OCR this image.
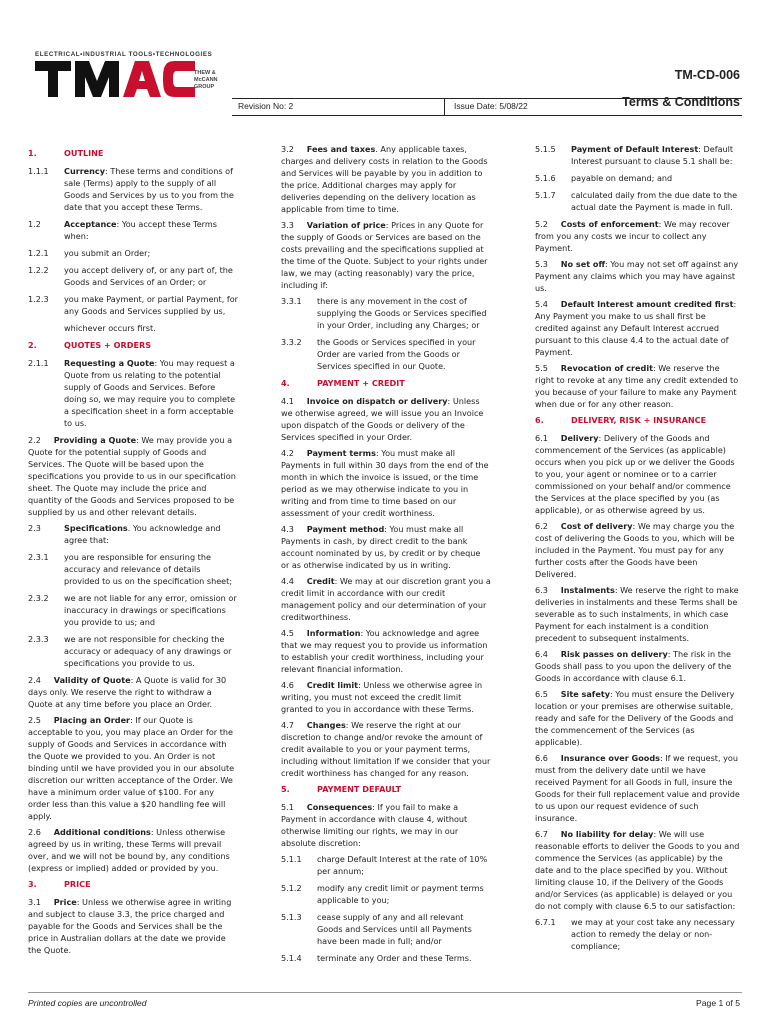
ELECTRICAL•INDUSTRIAL TOOLS•TECHNOLOGIES
THEW &
McCANN
GROUP
TM-CD-006
Terms & Conditions
Revision No: 2	Issue Date: 5/08/22
1.	OUTLINE
1.1.1 Currency: These terms and conditions of sale (Terms) apply to the supply of all Goods and Services by us to you from the date that you accept these Terms.
1.2	Acceptance: You accept these Terms when:
1.2.1 you submit an Order;
1.2.2 you accept delivery of, or any part of, the Goods and Services of an Order; or
1.2.3 you make Payment, or partial Payment, for any Goods and Services supplied by us,
whichever occurs first.
2.	QUOTES + ORDERS
2.1.1 Requesting a Quote: You may request a Quote from us relating to the potential supply of Goods and Services. Before doing so, we may require you to complete a specification sheet in a form acceptable to us.
2.2 Providing a Quote: We may provide you a Quote for the potential supply of Goods and Services. The Quote will be based upon the specifications you provide to us in our specification sheet. The Quote may include the price and quantity of the Goods and Services proposed to be supplied by us and other relevant details.
2.3	Specifications. You acknowledge and agree that:
2.3.1 you are responsible for ensuring the accuracy and relevance of details provided to us on the specification sheet;
2.3.2 we are not liable for any error, omission or inaccuracy in drawings or specifications you provide to us; and
2.3.3 we are not responsible for checking the accuracy or adequacy of any drawings or specifications you provide to us.
2.4 Validity of Quote: A Quote is valid for 30 days only. We reserve the right to withdraw a Quote at any time before you place an Order.
2.5 Placing an Order: If our Quote is acceptable to you, you may place an Order for the supply of Goods and Services in accordance with the Quote we provided to you. An Order is not binding until we have provided you in our absolute discretion our written acceptance of the Order. We have a minimum order value of $100. For any order less than this value a $20 handling fee will apply.
2.6 Additional conditions: Unless otherwise agreed by us in writing, these Terms will prevail over, and we will not be bound by, any conditions (express or implied) added or provided by you.
3.	PRICE
3.1 Price: Unless we otherwise agree in writing and subject to clause 3.3, the price charged and payable for the Goods and Services shall be the price in Australian dollars at the date we provide the Quote.
3.2 Fees and taxes. Any applicable taxes, charges and delivery costs in relation to the Goods and Services will be payable by you in addition to the price. Additional charges may apply for deliveries depending on the delivery location as applicable from time to time.
3.3 Variation of price: Prices in any Quote for the supply of Goods or Services are based on the costs prevailing and the specifications supplied at the time of the Quote. Subject to your rights under law, we may (acting reasonably) vary the price, including if:
3.3.1 there is any movement in the cost of supplying the Goods or Services specified in your Order, including any Charges; or
3.3.2 the Goods or Services specified in your Order are varied from the Goods or Services specified in our Quote.
4.	PAYMENT + CREDIT
4.1 Invoice on dispatch or delivery: Unless we otherwise agreed, we will issue you an Invoice upon dispatch of the Goods or delivery of the Services specified in your Order.
4.2 Payment terms: You must make all Payments in full within 30 days from the end of the month in which the invoice is issued, or the time period as we may otherwise indicate to you in writing and from time to time based on our assessment of your credit worthiness.
4.3 Payment method: You must make all Payments in cash, by direct credit to the bank account nominated by us, by credit or by cheque or as otherwise indicated by us in writing.
4.4 Credit: We may at our discretion grant you a credit limit in accordance with our credit management policy and our determination of your creditworthiness.
4.5 Information: You acknowledge and agree that we may request you to provide us information to establish your credit worthiness, including your relevant financial information.
4.6 Credit limit: Unless we otherwise agree in writing, you must not exceed the credit limit granted to you in accordance with these Terms.
4.7 Changes: We reserve the right at our discretion to change and/or revoke the amount of credit available to you or your payment terms, including without limitation if we consider that your credit worthiness has changed for any reason.
5.	PAYMENT DEFAULT
5.1 Consequences: If you fail to make a Payment in accordance with clause 4, without otherwise limiting our rights, we may in our absolute discretion:
5.1.1 charge Default Interest at the rate of 10% per annum;
5.1.2 modify any credit limit or payment terms applicable to you;
5.1.3 cease supply of any and all relevant Goods and Services until all Payments have been made in full; and/or
5.1.4 terminate any Order and these Terms.
5.1.5 Payment of Default Interest: Default Interest pursuant to clause 5.1 shall be:
5.1.6 payable on demand; and
5.1.7 calculated daily from the due date to the actual date the Payment is made in full.
5.2 Costs of enforcement: We may recover from you any costs we incur to collect any Payment.
5.3 No set off: You may not set off against any Payment any claims which you may have against us.
5.4 Default Interest amount credited first: Any Payment you make to us shall first be credited against any Default Interest accrued pursuant to this clause 4.4 to the actual date of Payment.
5.5 Revocation of credit: We reserve the right to revoke at any time any credit extended to you because of your failure to make any Payment when due or for any other reason.
6.	DELIVERY, RISK + INSURANCE
6.1 Delivery: Delivery of the Goods and commencement of the Services (as applicable) occurs when you pick up or we deliver the Goods to you, your agent or nominee or to a carrier commissioned on your behalf and/or commence the Services at the place specified by you (as applicable), or as otherwise agreed by us.
6.2 Cost of delivery: We may charge you the cost of delivering the Goods to you, which will be included in the Payment. You must pay for any further costs after the Goods have been Delivered.
6.3 Instalments: We reserve the right to make deliveries in instalments and these Terms shall be severable as to such instalments, in which case Payment for each instalment is a condition precedent to subsequent instalments.
6.4 Risk passes on delivery: The risk in the Goods shall pass to you upon the delivery of the Goods in accordance with clause 6.1.
6.5 Site safety: You must ensure the Delivery location or your premises are otherwise suitable, ready and safe for the Delivery of the Goods and the commencement of the Services (as applicable).
6.6 Insurance over Goods: If we request, you must from the delivery date until we have received Payment for all Goods in full, insure the Goods for their full replacement value and provide to us upon our request evidence of such insurance.
6.7 No liability for delay: We will use reasonable efforts to deliver the Goods to you and commence the Services (as applicable) by the date and to the place specified by you. Without limiting clause 10, if the Delivery of the Goods and/or Services (as applicable) is delayed or you do not comply with clause 6.5 to our satisfaction:
6.7.1 we may at your cost take any necessary action to remedy the delay or non-compliance;
Printed copies are uncontrolled	Page 1 of 5
